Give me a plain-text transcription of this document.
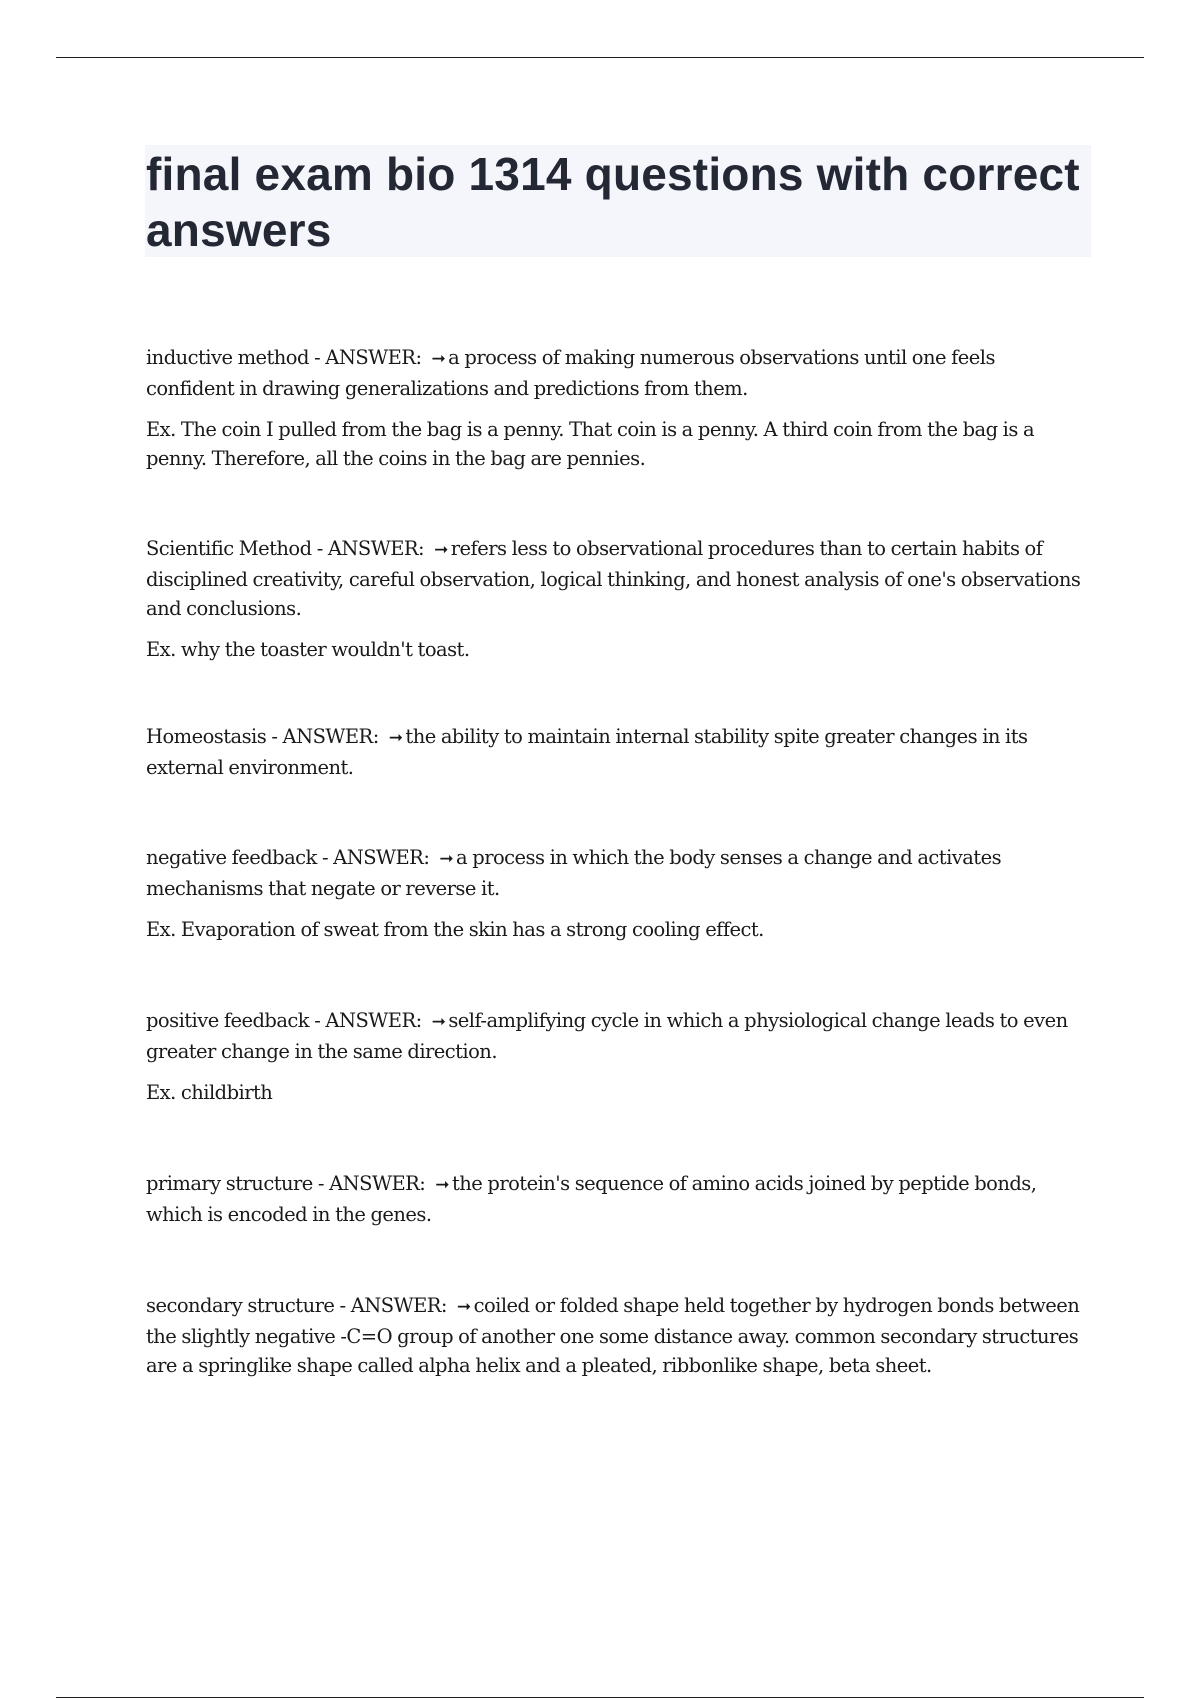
final exam bio 1314 questions with correct answers

inductive method - ANSWER: ➞ a process of making numerous observations until one feels confident in drawing generalizations and predictions from them.

Ex. The coin I pulled from the bag is a penny. That coin is a penny. A third coin from the bag is a penny. Therefore, all the coins in the bag are pennies.

Scientific Method - ANSWER: ➞ refers less to observational procedures than to certain habits of disciplined creativity, careful observation, logical thinking, and honest analysis of one's observations and conclusions.

Ex. why the toaster wouldn't toast.

Homeostasis - ANSWER: ➞ the ability to maintain internal stability spite greater changes in its external environment.

negative feedback - ANSWER: ➞ a process in which the body senses a change and activates mechanisms that negate or reverse it.

Ex. Evaporation of sweat from the skin has a strong cooling effect.

positive feedback - ANSWER: ➞ self-amplifying cycle in which a physiological change leads to even greater change in the same direction.

Ex. childbirth

primary structure - ANSWER: ➞ the protein's sequence of amino acids joined by peptide bonds, which is encoded in the genes.

secondary structure - ANSWER: ➞ coiled or folded shape held together by hydrogen bonds between the slightly negative -C=O group of another one some distance away. common secondary structures are a springlike shape called alpha helix and a pleated, ribbonlike shape, beta sheet.
